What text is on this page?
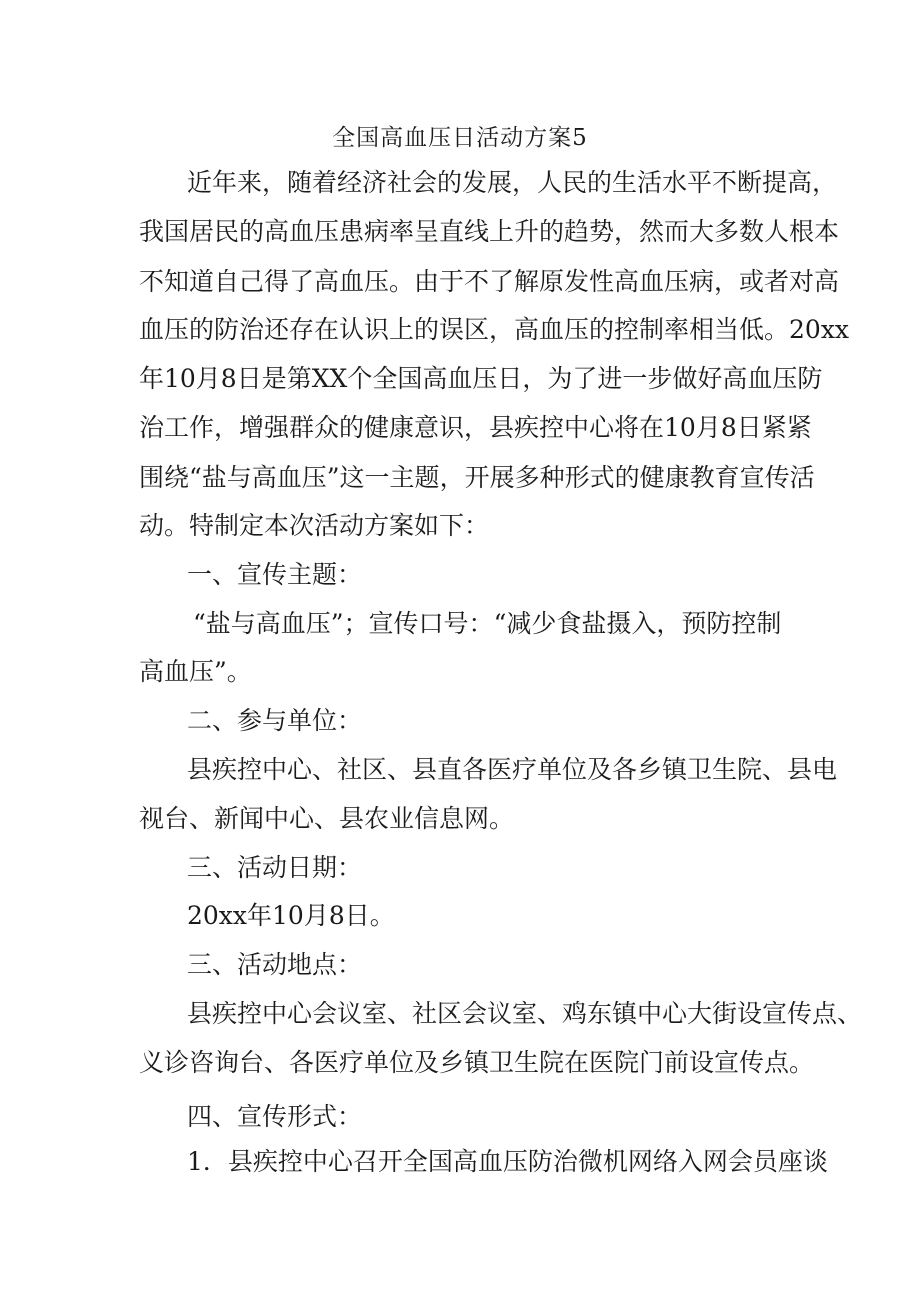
全国高血压日活动方案5
近年来，随着经济社会的发展，人民的生活水平不断提高，
我国居民的高血压患病率呈直线上升的趋势，然而大多数人根本
不知道自己得了高血压。由于不了解原发性高血压病，或者对高
血压的防治还存在认识上的误区，高血压的控制率相当低。20xx
年10月8日是第XX个全国高血压日，为了进一步做好高血压防
治工作，增强群众的健康意识，县疾控中心将在10月8日紧紧
围绕“盐与高血压”这一主题，开展多种形式的健康教育宣传活
动。特制定本次活动方案如下：
一、宣传主题：
“盐与高血压”；宣传口号：“减少食盐摄入，预防控制
高血压”。
二、参与单位：
县疾控中心、社区、县直各医疗单位及各乡镇卫生院、县电
视台、新闻中心、县农业信息网。
三、活动日期：
20xx年10月8日。
三、活动地点：
县疾控中心会议室、社区会议室、鸡东镇中心大街设宣传点、
义诊咨询台、各医疗单位及乡镇卫生院在医院门前设宣传点。
四、宣传形式：
1．县疾控中心召开全国高血压防治微机网络入网会员座谈
